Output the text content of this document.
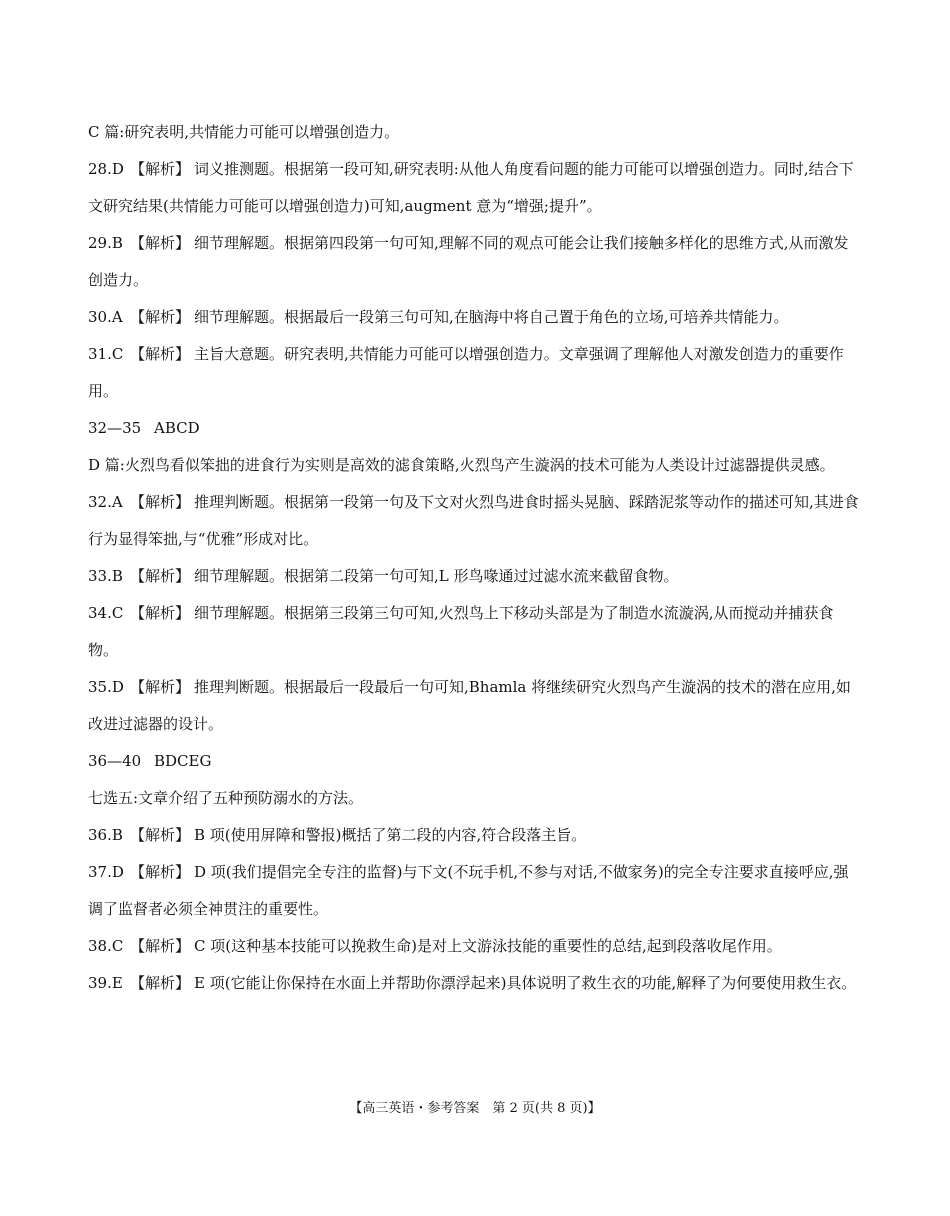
C 篇:研究表明,共情能力可能可以增强创造力。

28.D 【解析】 词义推测题。根据第一段可知,研究表明:从他人角度看问题的能力可能可以增强创造力。同时,结合下文研究结果(共情能力可能可以增强创造力)可知,augment 意为“增强;提升”。

29.B 【解析】 细节理解题。根据第四段第一句可知,理解不同的观点可能会让我们接触多样化的思维方式,从而激发创造力。

30.A 【解析】 细节理解题。根据最后一段第三句可知,在脑海中将自己置于角色的立场,可培养共情能力。

31.C 【解析】 主旨大意题。研究表明,共情能力可能可以增强创造力。文章强调了理解他人对激发创造力的重要作用。

32—35 ABCD

D 篇:火烈鸟看似笨拙的进食行为实则是高效的滤食策略,火烈鸟产生漩涡的技术可能为人类设计过滤器提供灵感。

32.A 【解析】 推理判断题。根据第一段第一句及下文对火烈鸟进食时摇头晃脑、踩踏泥浆等动作的描述可知,其进食行为显得笨拙,与“优雅”形成对比。

33.B 【解析】 细节理解题。根据第二段第一句可知,L 形鸟喙通过过滤水流来截留食物。

34.C 【解析】 细节理解题。根据第三段第三句可知,火烈鸟上下移动头部是为了制造水流漩涡,从而搅动并捕获食物。

35.D 【解析】 推理判断题。根据最后一段最后一句可知,Bhamla 将继续研究火烈鸟产生漩涡的技术的潜在应用,如改进过滤器的设计。

36—40 BDCEG

七选五:文章介绍了五种预防溺水的方法。

36.B 【解析】 B 项(使用屏障和警报)概括了第二段的内容,符合段落主旨。

37.D 【解析】 D 项(我们提倡完全专注的监督)与下文(不玩手机,不参与对话,不做家务)的完全专注要求直接呼应,强调了监督者必须全神贯注的重要性。

38.C 【解析】 C 项(这种基本技能可以挽救生命)是对上文游泳技能的重要性的总结,起到段落收尾作用。

39.E 【解析】 E 项(它能让你保持在水面上并帮助你漂浮起来)具体说明了救生衣的功能,解释了为何要使用救生衣。

【高三英语・参考答案　第 2 页(共 8 页)】
